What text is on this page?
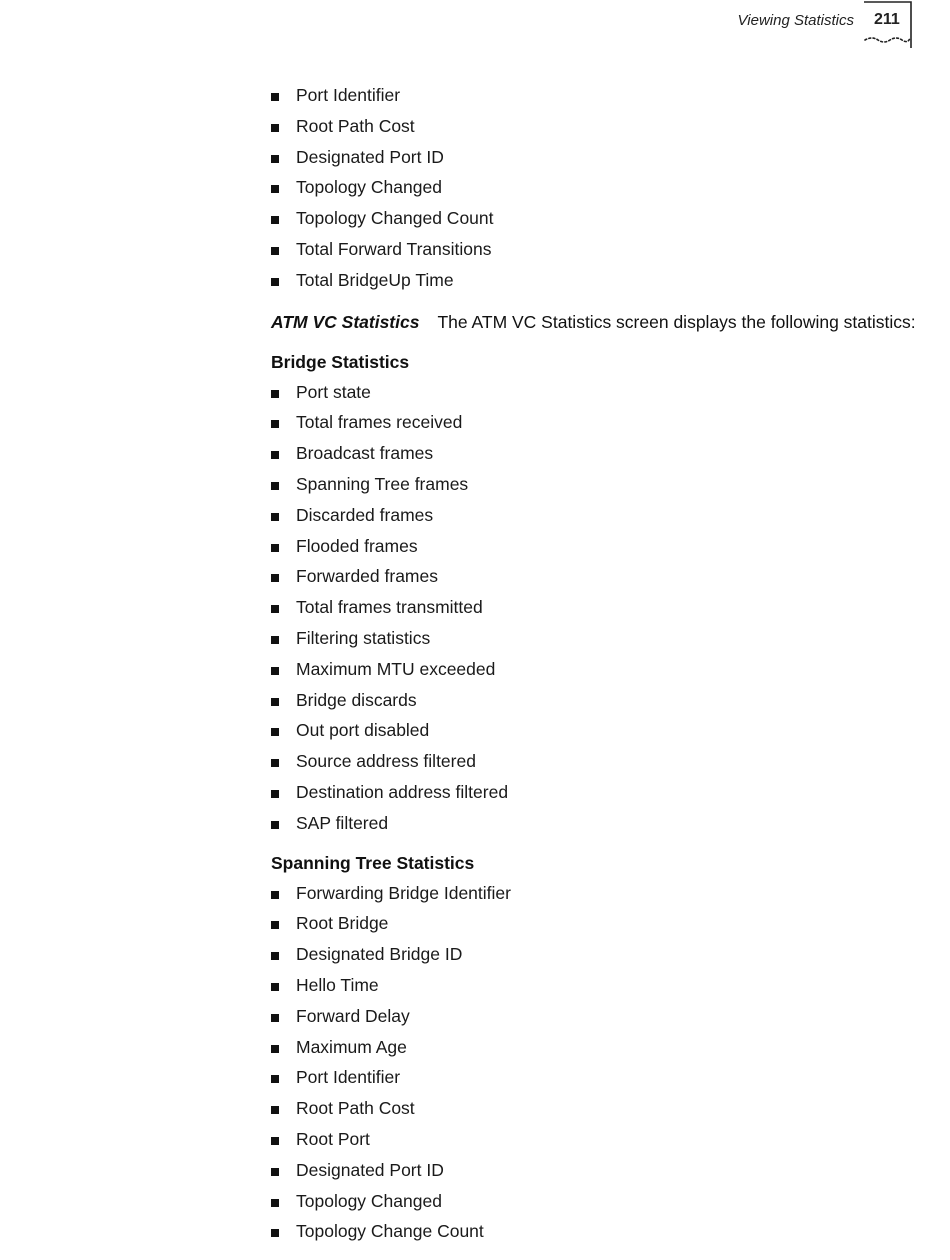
Viewing Statistics 211
Port Identifier
Root Path Cost
Designated Port ID
Topology Changed
Topology Changed Count
Total Forward Transitions
Total BridgeUp Time
ATM VC Statistics The ATM VC Statistics screen displays the following statistics:
Bridge Statistics
Port state
Total frames received
Broadcast frames
Spanning Tree frames
Discarded frames
Flooded frames
Forwarded frames
Total frames transmitted
Filtering statistics
Maximum MTU exceeded
Bridge discards
Out port disabled
Source address filtered
Destination address filtered
SAP filtered
Spanning Tree Statistics
Forwarding Bridge Identifier
Root Bridge
Designated Bridge ID
Hello Time
Forward Delay
Maximum Age
Port Identifier
Root Path Cost
Root Port
Designated Port ID
Topology Changed
Topology Change Count
